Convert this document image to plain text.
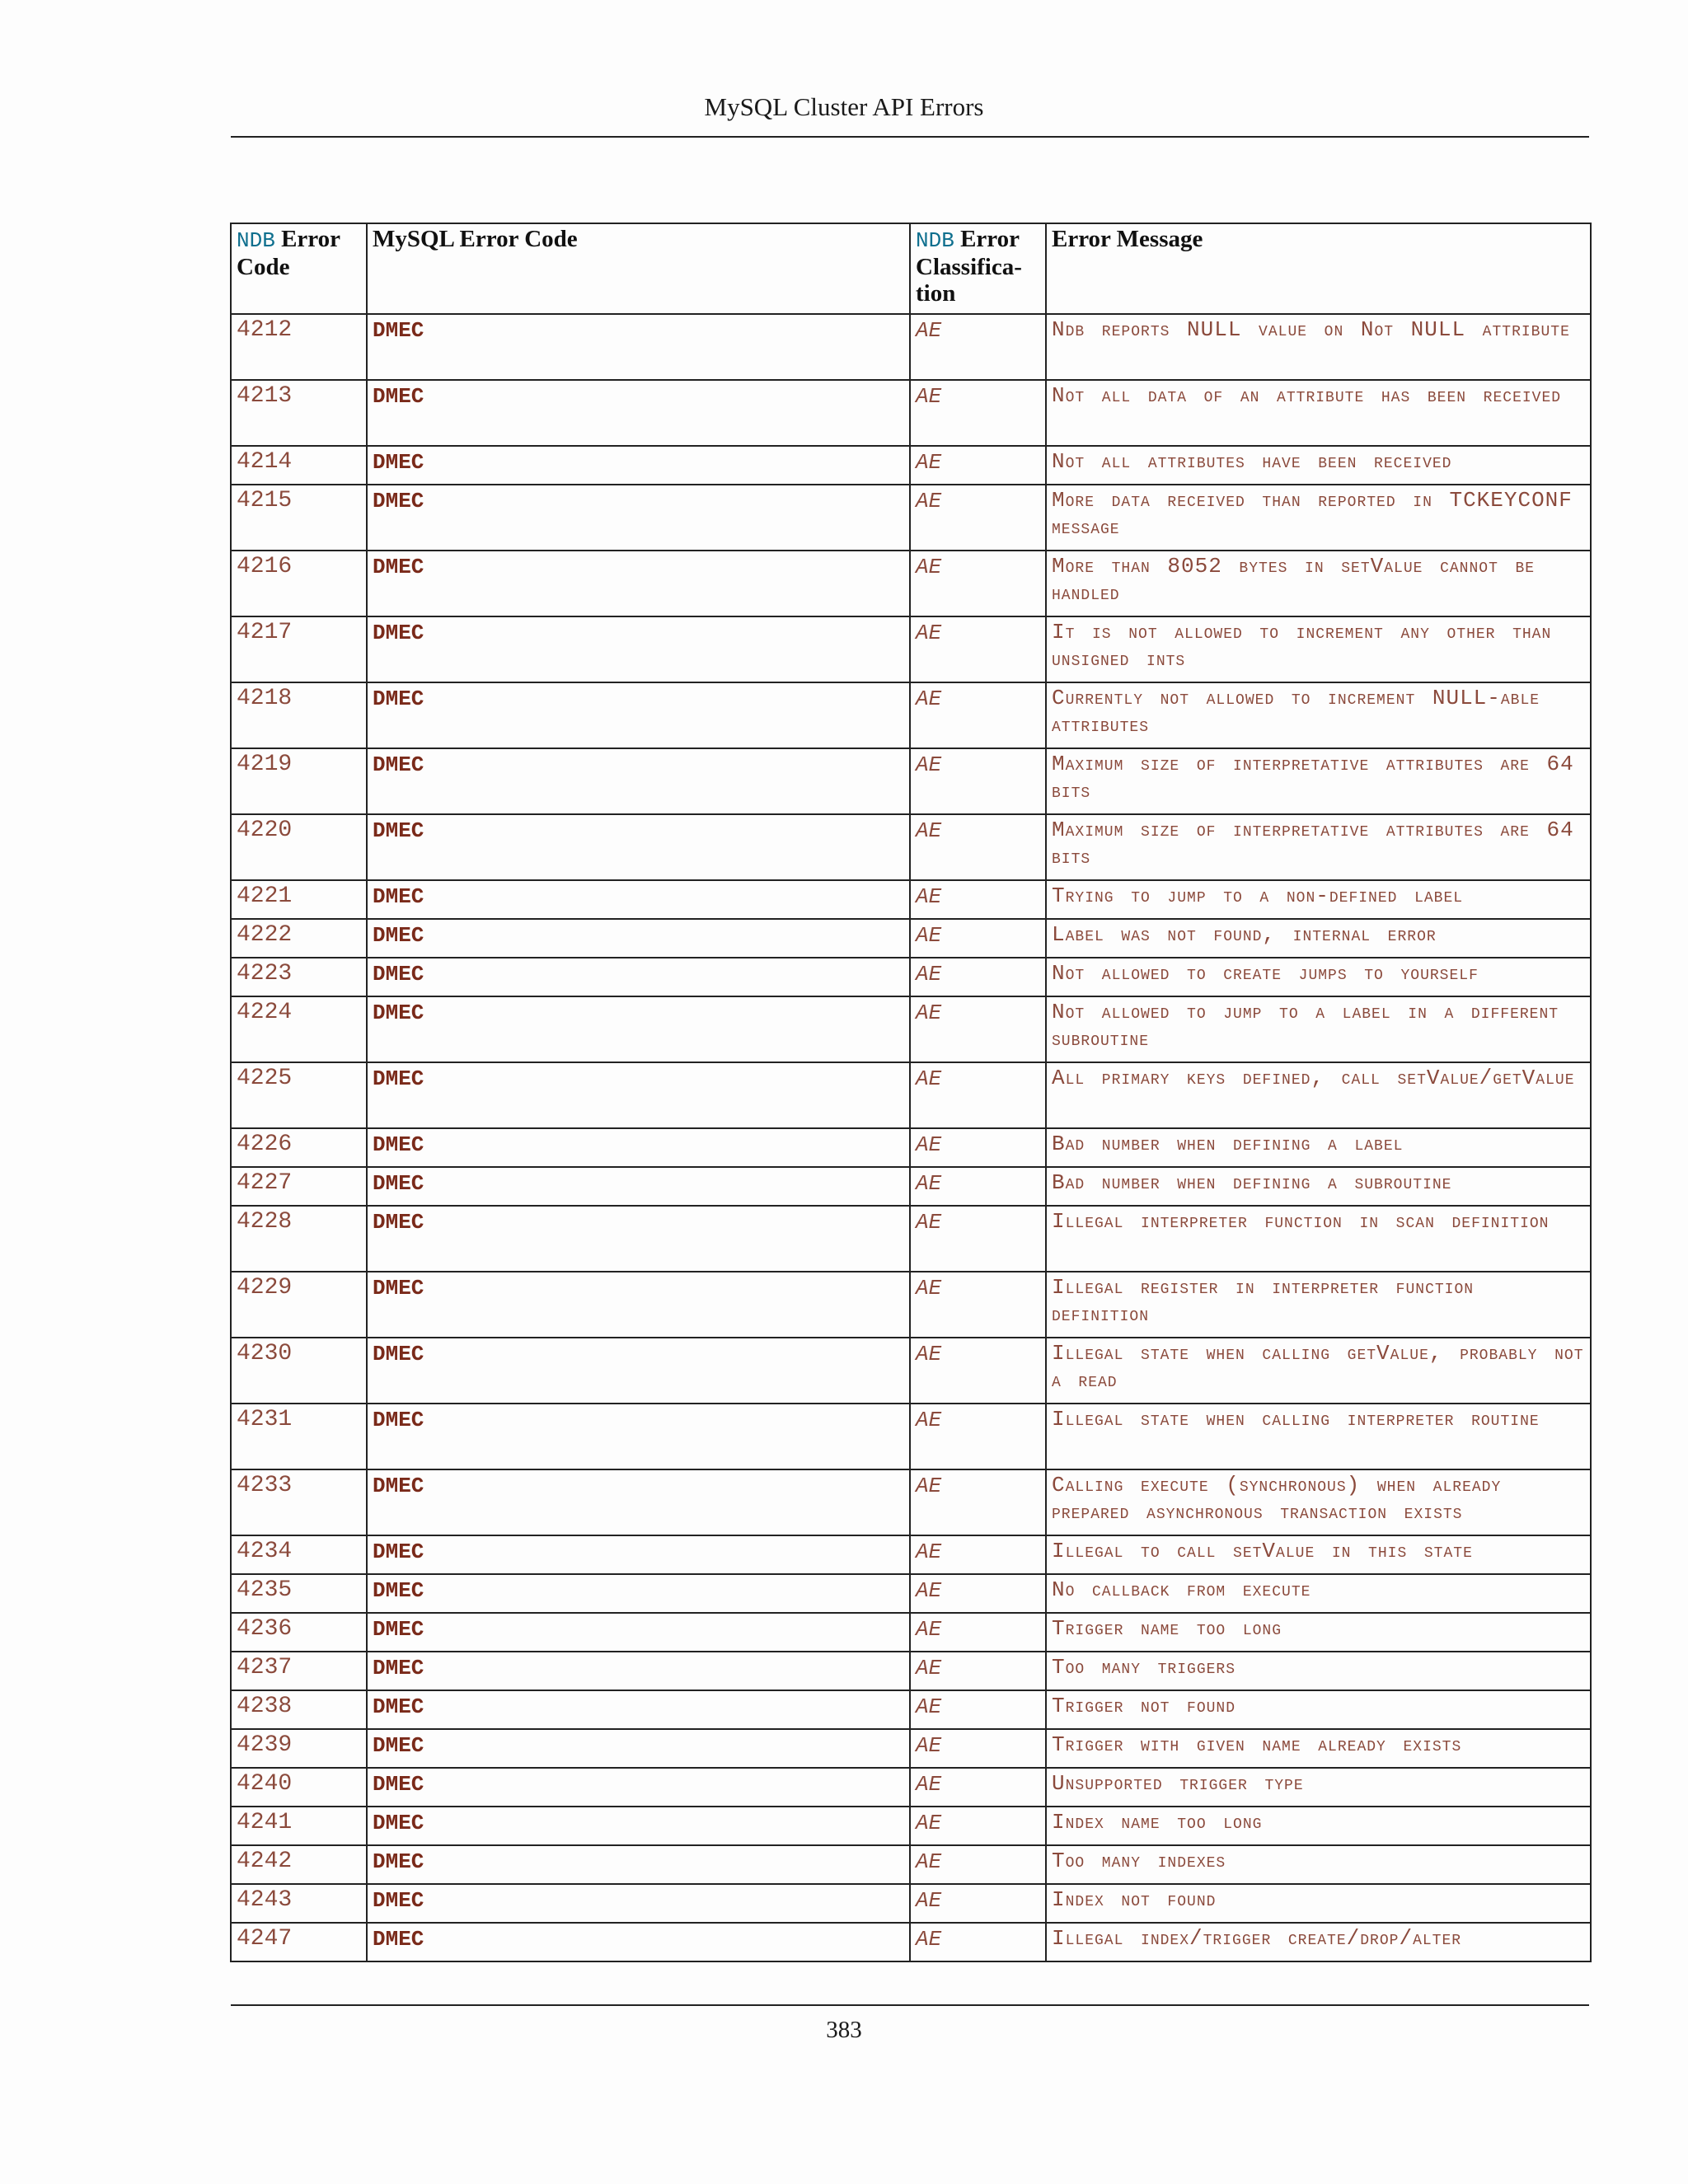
MySQL Cluster API Errors
NDB Error Code	MySQL Error Code	NDB Error Classifica-tion	Error Message
4212	DMEC	AE	Ndb reports NULL value on Not NULL attribute
4213	DMEC	AE	Not all data of an attribute has been received
4214	DMEC	AE	Not all attributes have been received
4215	DMEC	AE	More data received than reported in TCKEYCONF message
4216	DMEC	AE	More than 8052 bytes in setValue cannot be handled
4217	DMEC	AE	It is not allowed to increment any other than unsigned ints
4218	DMEC	AE	Currently not allowed to increment NULL-able attributes
4219	DMEC	AE	Maximum size of interpretative attributes are 64 bits
4220	DMEC	AE	Maximum size of interpretative attributes are 64 bits
4221	DMEC	AE	Trying to jump to a non-defined label
4222	DMEC	AE	Label was not found, internal error
4223	DMEC	AE	Not allowed to create jumps to yourself
4224	DMEC	AE	Not allowed to jump to a label in a different subroutine
4225	DMEC	AE	All primary keys defined, call setValue/getValue
4226	DMEC	AE	Bad number when defining a label
4227	DMEC	AE	Bad number when defining a subroutine
4228	DMEC	AE	Illegal interpreter function in scan definition
4229	DMEC	AE	Illegal register in interpreter function definition
4230	DMEC	AE	Illegal state when calling getValue, probably not a read
4231	DMEC	AE	Illegal state when calling interpreter routine
4233	DMEC	AE	Calling execute (synchronous) when already prepared asynchronous transaction exists
4234	DMEC	AE	Illegal to call setValue in this state
4235	DMEC	AE	No callback from execute
4236	DMEC	AE	Trigger name too long
4237	DMEC	AE	Too many triggers
4238	DMEC	AE	Trigger not found
4239	DMEC	AE	Trigger with given name already exists
4240	DMEC	AE	Unsupported trigger type
4241	DMEC	AE	Index name too long
4242	DMEC	AE	Too many indexes
4243	DMEC	AE	Index not found
4247	DMEC	AE	Illegal index/trigger create/drop/alter
383
